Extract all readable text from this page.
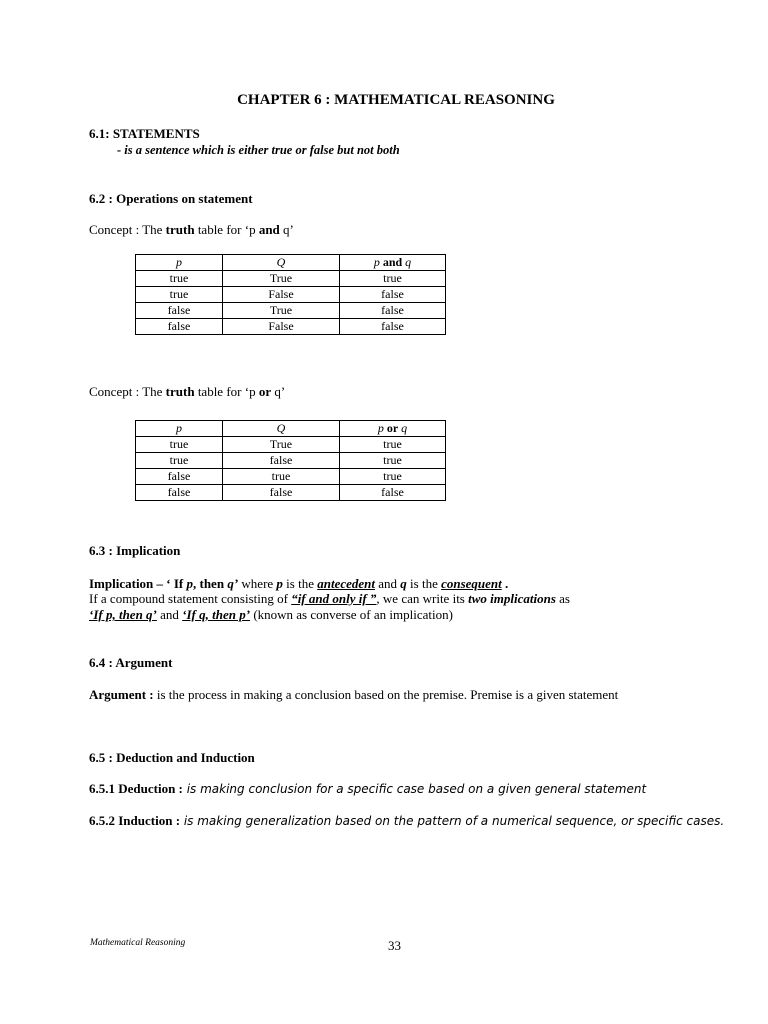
CHAPTER 6 : MATHEMATICAL REASONING
6.1: STATEMENTS
- is a sentence which is either true or false but not both
6.2 : Operations on statement
Concept : The truth table for ‘p and q’
p	Q	p and q
true	True	true
true	False	false
false	True	false
false	False	false
Concept : The truth table for ‘p or q’
p	Q	p or q
true	True	true
true	false	true
false	true	true
false	false	false
6.3 : Implication
Implication – ‘ If p, then q’ where p is the antecedent and q is the consequent .
If a compound statement consisting of “if and only if ”, we can write its two implications as
‘If p, then q’ and ‘If q, then p’ (known as converse of an implication)
6.4 : Argument
Argument : is the process in making a conclusion based on the premise. Premise is a given statement
6.5 : Deduction and Induction
6.5.1 Deduction : is making conclusion for a specific case based on a given general statement
6.5.2 Induction : is making generalization based on the pattern of a numerical sequence, or specific cases.
Mathematical Reasoning	33
